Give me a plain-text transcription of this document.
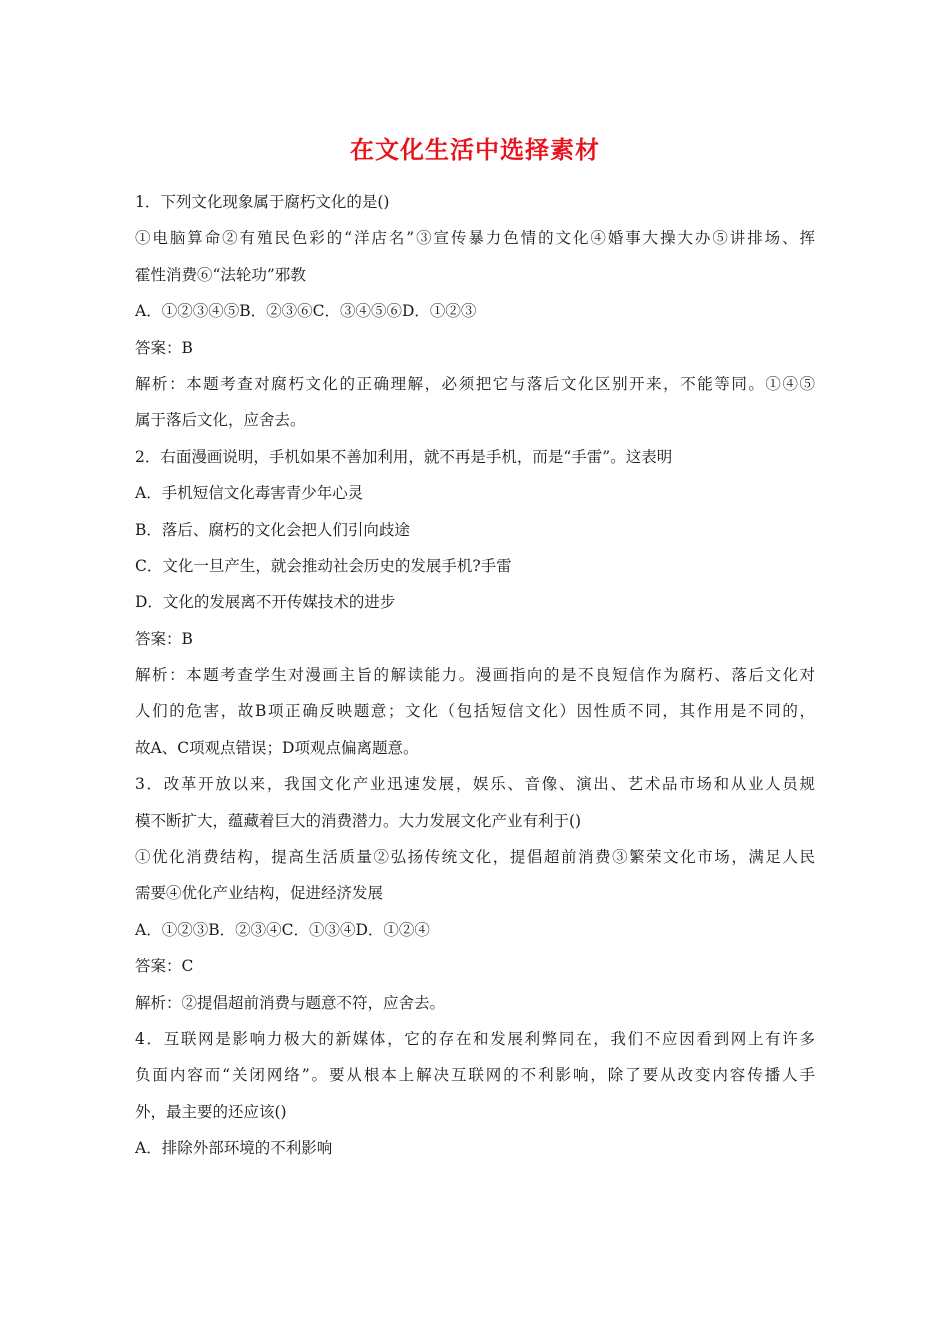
在文化生活中选择素材
1．下列文化现象属于腐朽文化的是()
①电脑算命②有殖民色彩的“洋店名”③宣传暴力色情的文化④婚事大操大办⑤讲排场、挥
霍性消费⑥“法轮功”邪教
A．①②③④⑤B．②③⑥C．③④⑤⑥D．①②③
答案：B
解析：本题考查对腐朽文化的正确理解，必须把它与落后文化区别开来，不能等同。①④⑤
属于落后文化，应舍去。
2．右面漫画说明，手机如果不善加利用，就不再是手机，而是“手雷”。这表明
A．手机短信文化毒害青少年心灵
B．落后、腐朽的文化会把人们引向歧途
C．文化一旦产生，就会推动社会历史的发展手机?手雷
D．文化的发展离不开传媒技术的进步
答案：B
解析：本题考查学生对漫画主旨的解读能力。漫画指向的是不良短信作为腐朽、落后文化对
人们的危害，故B项正确反映题意；文化（包括短信文化）因性质不同，其作用是不同的，
故A、C项观点错误；D项观点偏离题意。
3．改革开放以来，我国文化产业迅速发展，娱乐、音像、演出、艺术品市场和从业人员规
模不断扩大，蕴藏着巨大的消费潜力。大力发展文化产业有利于()
①优化消费结构，提高生活质量②弘扬传统文化，提倡超前消费③繁荣文化市场，满足人民
需要④优化产业结构，促进经济发展
A．①②③B．②③④C．①③④D．①②④
答案：C
解析：②提倡超前消费与题意不符，应舍去。
4．互联网是影响力极大的新媒体，它的存在和发展利弊同在，我们不应因看到网上有许多
负面内容而“关闭网络”。要从根本上解决互联网的不利影响，除了要从改变内容传播人手
外，最主要的还应该()
A．排除外部环境的不利影响
